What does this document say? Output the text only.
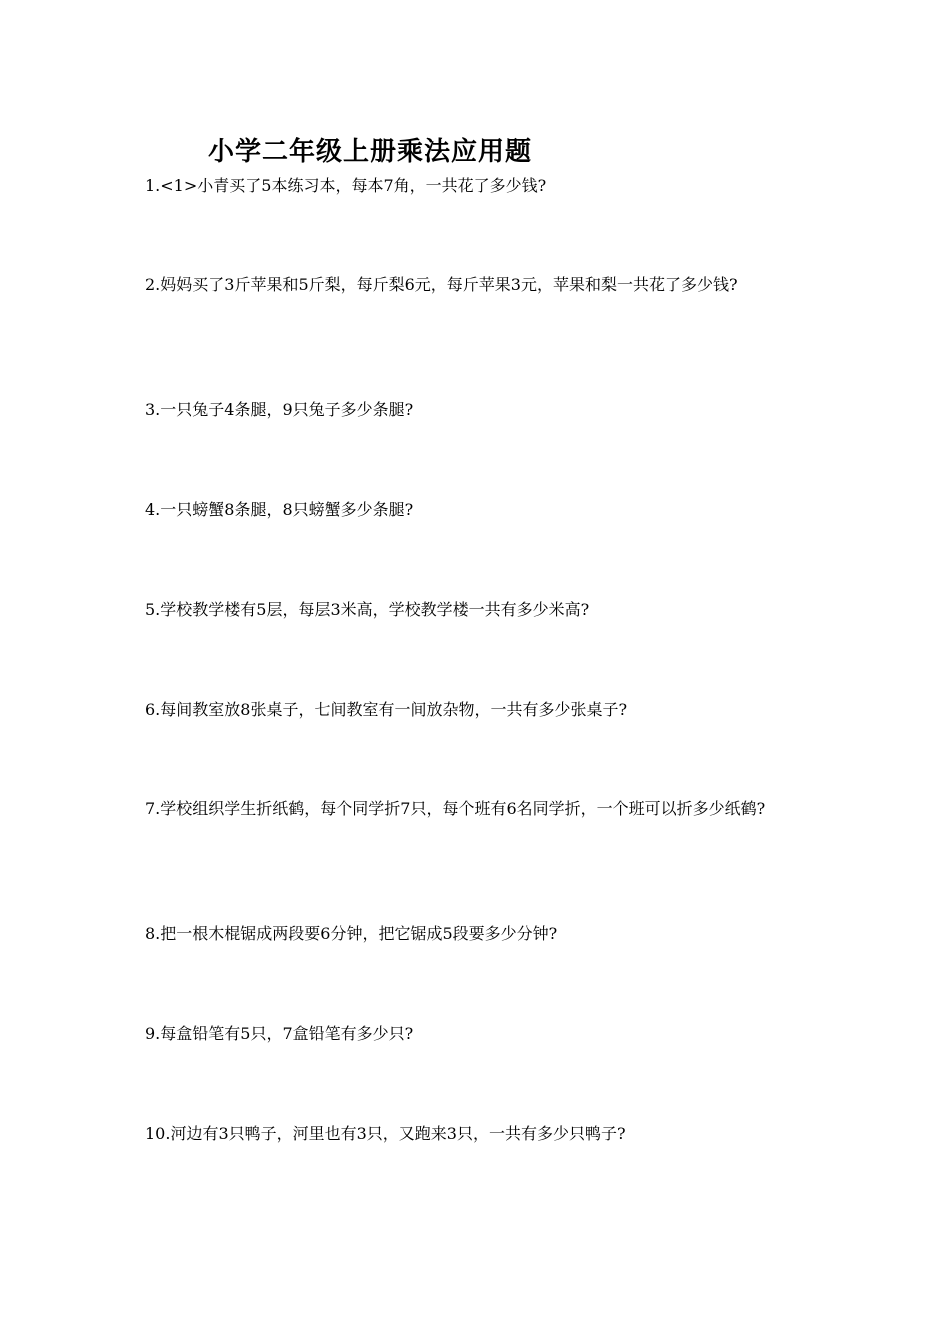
小学二年级上册乘法应用题

1.<1>小青买了5本练习本，每本7角，一共花了多少钱?

2.妈妈买了3斤苹果和5斤梨，每斤梨6元，每斤苹果3元，苹果和梨一共花了多少钱?

3.一只兔子4条腿，9只兔子多少条腿?

4.一只螃蟹8条腿，8只螃蟹多少条腿?

5.学校教学楼有5层，每层3米高，学校教学楼一共有多少米高?

6.每间教室放8张桌子，七间教室有一间放杂物，一共有多少张桌子?

7.学校组织学生折纸鹤，每个同学折7只，每个班有6名同学折，一个班可以折多少纸鹤?

8.把一根木棍锯成两段要6分钟，把它锯成5段要多少分钟?

9.每盒铅笔有5只，7盒铅笔有多少只?

10.河边有3只鸭子，河里也有3只，又跑来3只，一共有多少只鸭子?
